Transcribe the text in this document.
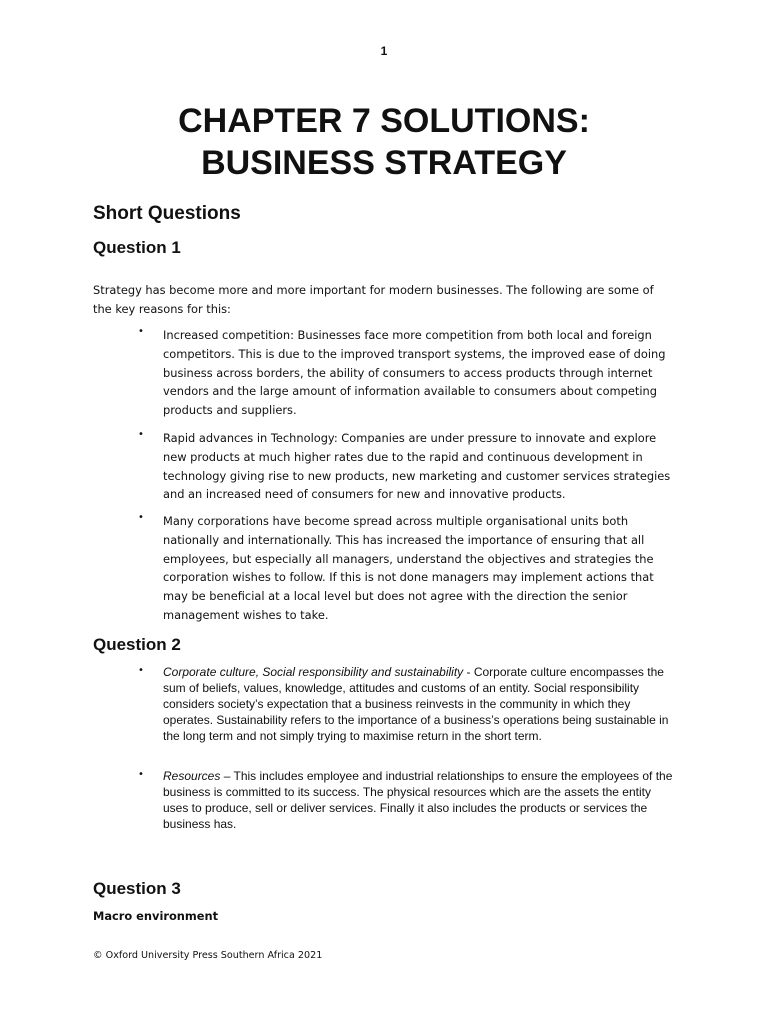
1
CHAPTER 7 SOLUTIONS:
BUSINESS STRATEGY
Short Questions
Question 1
Strategy has become more and more important for modern businesses. The following are some of the key reasons for this:
• Increased competition: Businesses face more competition from both local and foreign competitors. This is due to the improved transport systems, the improved ease of doing business across borders, the ability of consumers to access products through internet vendors and the large amount of information available to consumers about competing products and suppliers.
• Rapid advances in Technology: Companies are under pressure to innovate and explore new products at much higher rates due to the rapid and continuous development in technology giving rise to new products, new marketing and customer services strategies and an increased need of consumers for new and innovative products.
• Many corporations have become spread across multiple organisational units both nationally and internationally. This has increased the importance of ensuring that all employees, but especially all managers, understand the objectives and strategies the corporation wishes to follow. If this is not done managers may implement actions that may be beneficial at a local level but does not agree with the direction the senior management wishes to take.
Question 2
• Corporate culture, Social responsibility and sustainability - Corporate culture encompasses the sum of beliefs, values, knowledge, attitudes and customs of an entity. Social responsibility considers society’s expectation that a business reinvests in the community in which they operates. Sustainability refers to the importance of a business’s operations being sustainable in the long term and not simply trying to maximise return in the short term.
• Resources – This includes employee and industrial relationships to ensure the employees of the business is committed to its success. The physical resources which are the assets the entity uses to produce, sell or deliver services. Finally it also includes the products or services the business has.
Question 3
Macro environment
© Oxford University Press Southern Africa 2021
